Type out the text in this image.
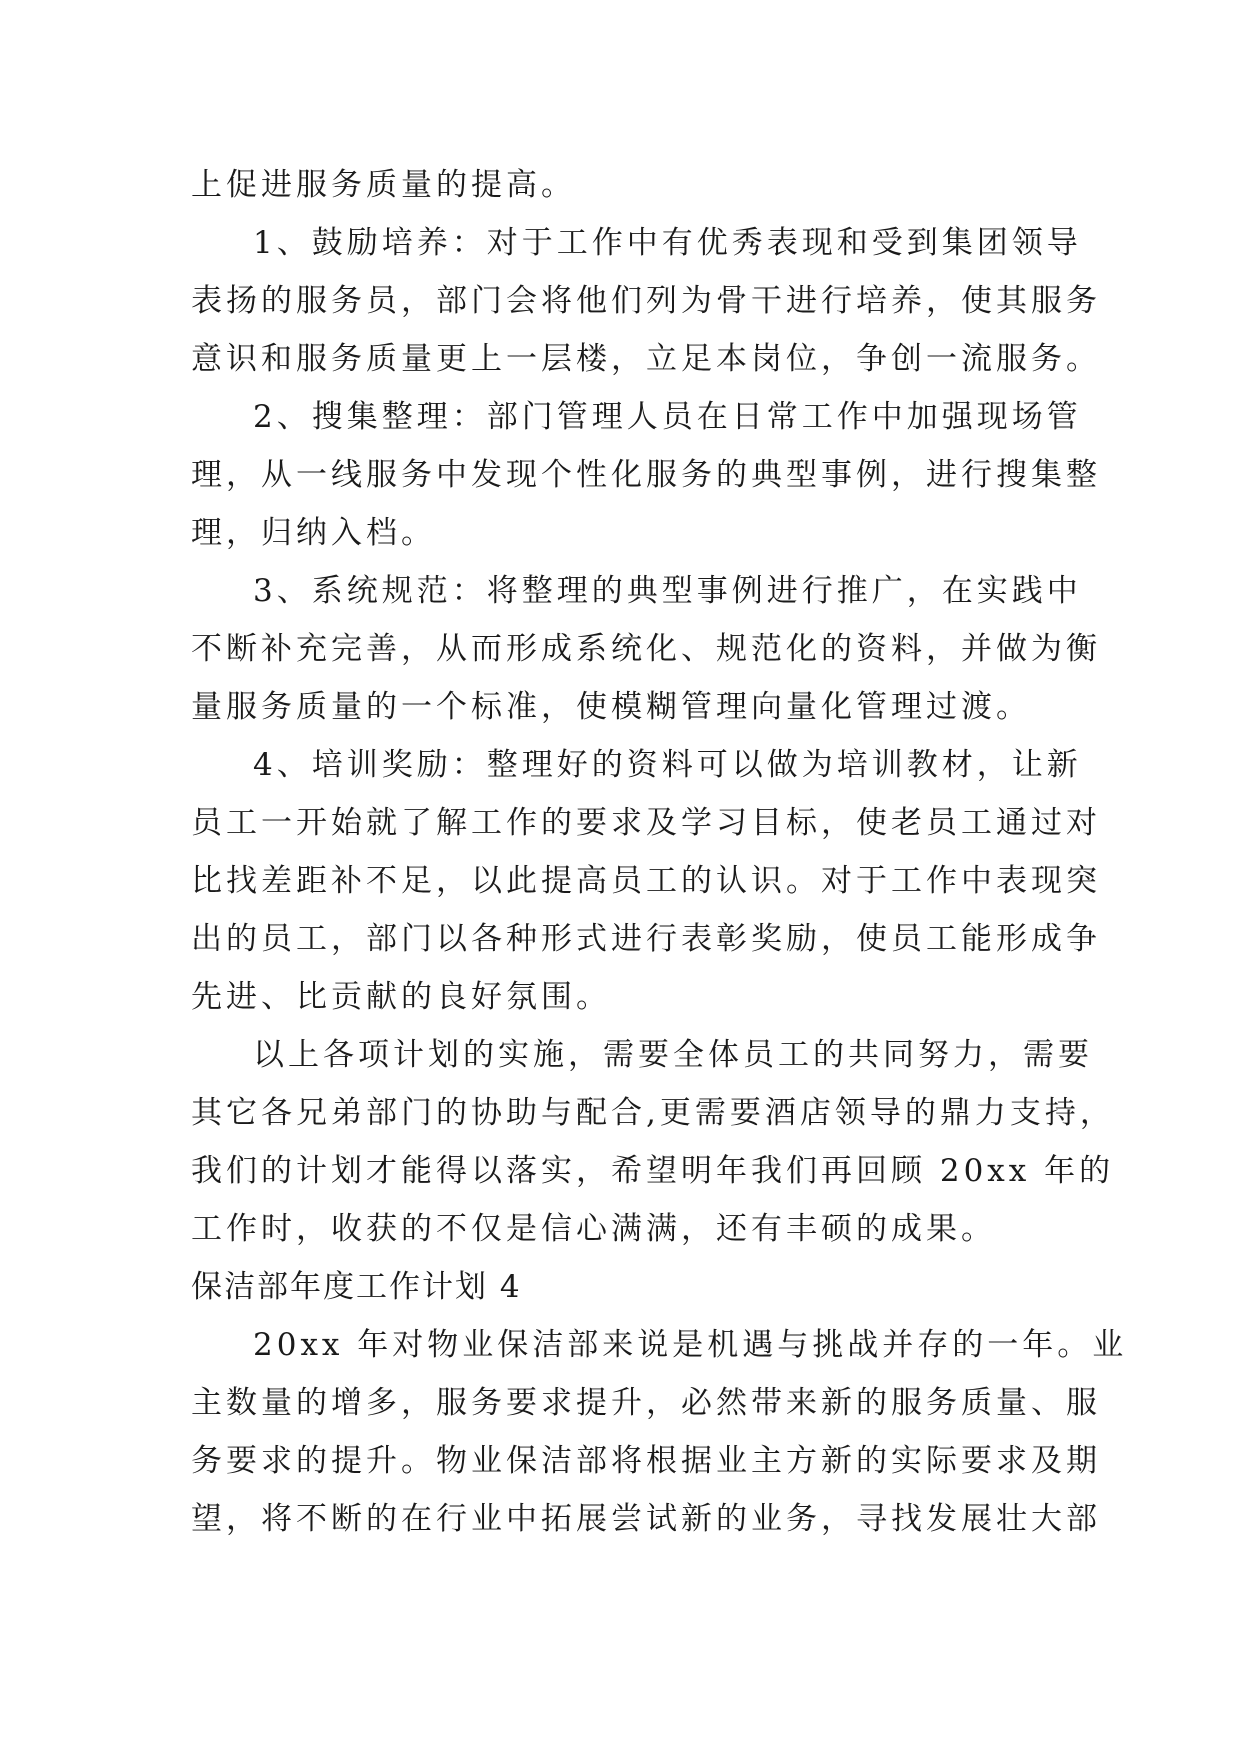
上促进服务质量的提高。
1、鼓励培养：对于工作中有优秀表现和受到集团领导
表扬的服务员，部门会将他们列为骨干进行培养，使其服务
意识和服务质量更上一层楼，立足本岗位，争创一流服务。
2、搜集整理：部门管理人员在日常工作中加强现场管
理，从一线服务中发现个性化服务的典型事例，进行搜集整
理，归纳入档。
3、系统规范：将整理的典型事例进行推广，在实践中
不断补充完善，从而形成系统化、规范化的资料，并做为衡
量服务质量的一个标准，使模糊管理向量化管理过渡。
4、培训奖励：整理好的资料可以做为培训教材，让新
员工一开始就了解工作的要求及学习目标，使老员工通过对
比找差距补不足，以此提高员工的认识。对于工作中表现突
出的员工，部门以各种形式进行表彰奖励，使员工能形成争
先进、比贡献的良好氛围。
以上各项计划的实施，需要全体员工的共同努力，需要
其它各兄弟部门的协助与配合,更需要酒店领导的鼎力支持，
我们的计划才能得以落实，希望明年我们再回顾 20xx 年的
工作时，收获的不仅是信心满满，还有丰硕的成果。
保洁部年度工作计划 4
20xx 年对物业保洁部来说是机遇与挑战并存的一年。业
主数量的增多，服务要求提升，必然带来新的服务质量、服
务要求的提升。物业保洁部将根据业主方新的实际要求及期
望，将不断的在行业中拓展尝试新的业务，寻找发展壮大部
